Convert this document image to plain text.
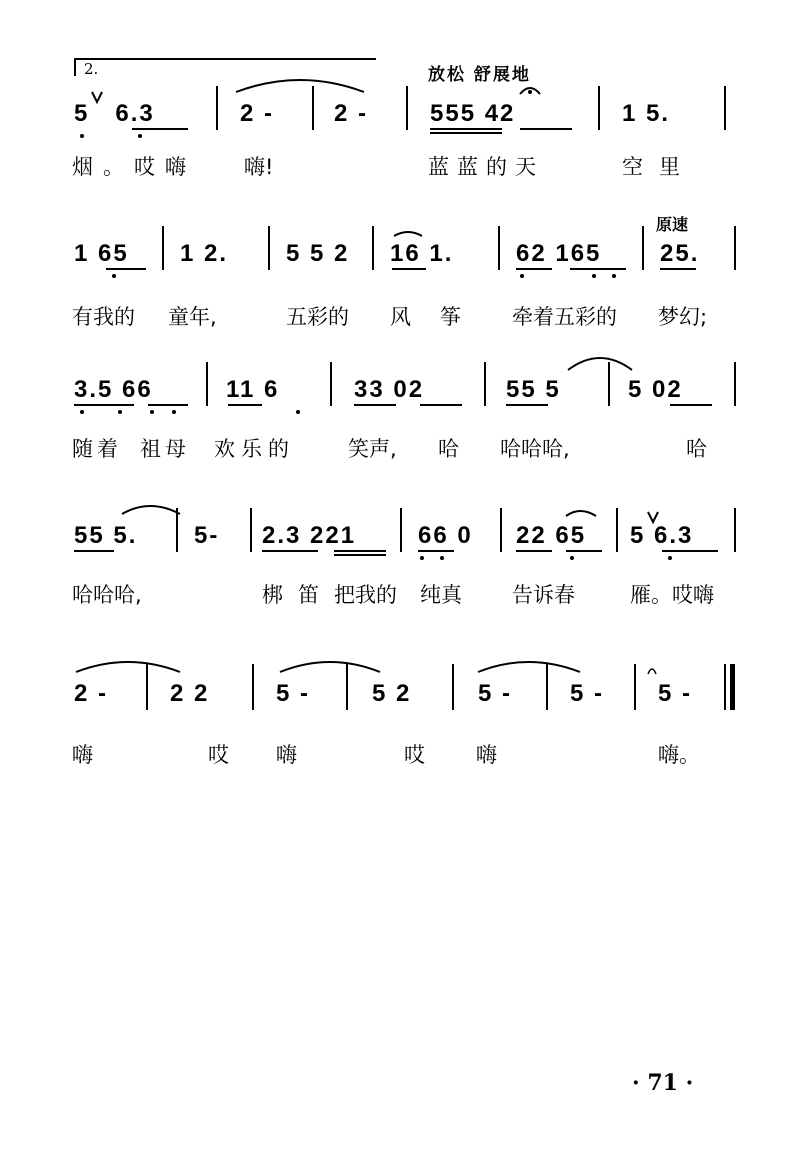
2.	放松 舒展地
原速
5   6.3	2 - 2 -	555 42	1 5.
烟。哎嗨 嗨!	蓝蓝的天	空里
1 65 1 2. 5 5 2 16 1.	62 165 25.
有我的 童年,	五彩的 风 筝 牵着五彩的 梦幻;
3.5 66	11 6	33 02	55 5	5 02
随着 祖母 欢乐的	笑声, 哈 哈哈哈,	哈
55 5. 5- 2.3 221	66 0 22 65 5 6.3
哈哈哈,	梆 笛 把我的 纯真 告诉春	雁。哎嗨
2 -	2 2	5 -	5 2	5 - 5 - 5 -
嗨	哎 嗨	哎 嗨	嗨。
· 71 ·
